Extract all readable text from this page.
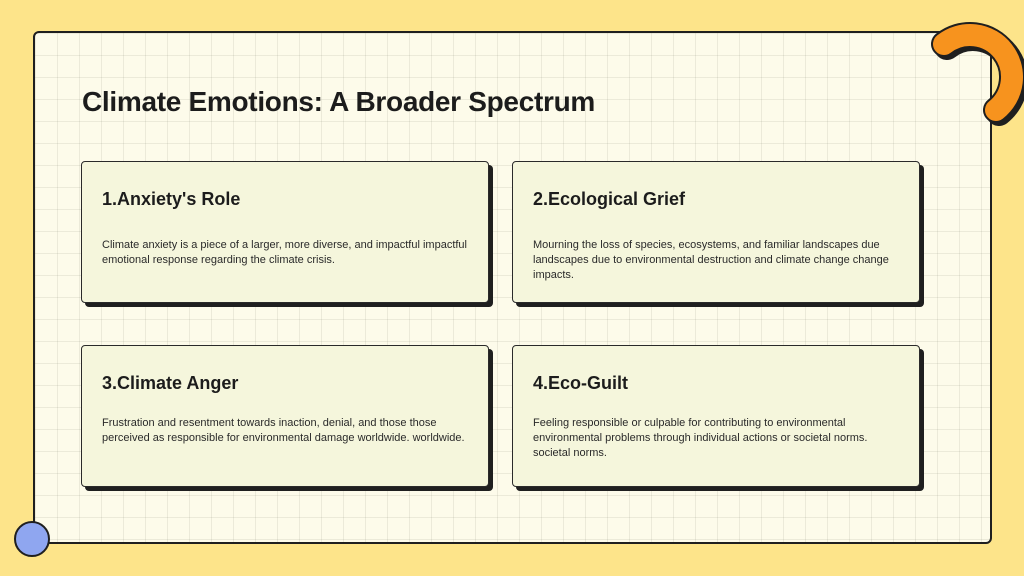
Climate Emotions: A Broader Spectrum
1.Anxiety's Role
Climate anxiety is a piece of a larger, more diverse, and impactful impactful emotional response regarding the climate crisis.
2.Ecological Grief
Mourning the loss of species, ecosystems, and familiar landscapes due landscapes due to environmental destruction and climate change change impacts.
3.Climate Anger
Frustration and resentment towards inaction, denial, and those those perceived as responsible for environmental damage worldwide. worldwide.
4.Eco-Guilt
Feeling responsible or culpable for contributing to environmental environmental problems through individual actions or societal norms. societal norms.
